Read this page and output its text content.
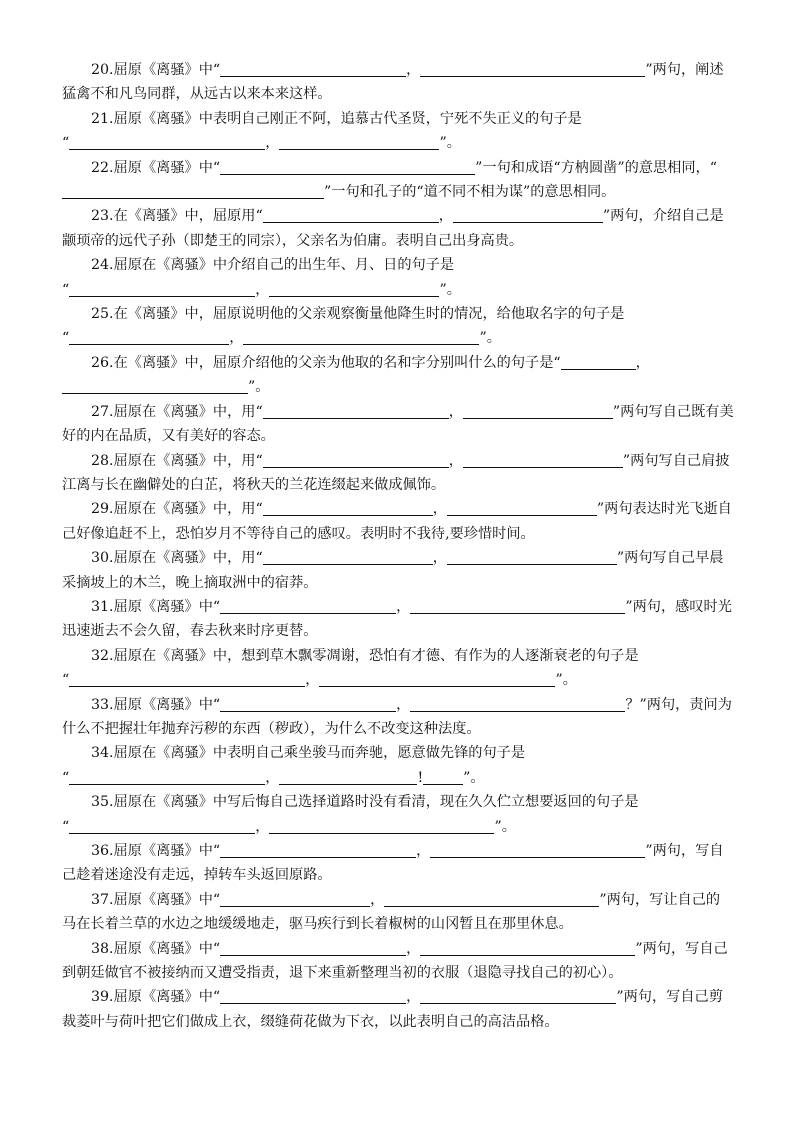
20.屈原《离骚》中“	，	”两句，阐述猛禽不和凡鸟同群，从远古以来本来这样。

21.屈原《离骚》中表明自己刚正不阿，追慕古代圣贤，宁死不失正义的句子是
“	，	”。

22.屈原《离骚》中“	”一句和成语“方枘圆凿”的意思相同，“”一句和孔子的“道不同不相为谋”的意思相同。

23.在《离骚》中，屈原用“	，	”两句，介绍自己是　颛顼帝的远代子孙（即楚王的同宗），父亲名为伯庸。表明自己出身高贵。

24.屈原在《离骚》中介绍自己的出生年、月、日的句子是
“	，	”。

25.在《离骚》中，屈原说明他的父亲观察衡量他降生时的情况，给他取名字的句子是
“	，	”。

26.在《离骚》中，屈原介绍他的父亲为他取的名和字分别叫什么的句子是“	，
”。

27.屈原在《离骚》中，用“	，	”两句写自己既有美好的内在品质，又有美好的容态。

28.屈原在《离骚》中，用“	，	”两句写自己肩披江离与长在幽僻处的白芷，将秋天的兰花连缀起来做成佩饰。

29.屈原在《离骚》中，用“	，	”两句表达时光飞逝自己好像追赶不上，恐怕岁月不等待自己的感叹。表明时不我待,要珍惜时间。

30.屈原在《离骚》中，用“	，	”两句写自己早晨采摘坡上的木兰，晚上摘取洲中的宿莽。

31.屈原《离骚》中“	，	”两句，感叹时光迅速逝去不会久留，春去秋来时序更替。

32.屈原在《离骚》中，想到草木飘零凋谢，恐怕有才德、有作为的人逐渐衰老的句子是
“	，	”。

33.屈原《离骚》中“	，	？”两句，责问为什么不把握壮年抛弃污秽的东西（秽政），为什么不改变这种法度。

34.屈原在《离骚》中表明自己乘坐骏马而奔驰，愿意做先锋的句子是
“	，	!	”。

35.屈原在《离骚》中写后悔自己选择道路时没有看清，现在久久伫立想要返回的句子是
“	，	”。

36.屈原《离骚》中“	，	”两句，写自己趁着迷途没有走远，掉转车头返回原路。

37.屈原《离骚》中“	，	”两句，写让自己的马在长着兰草的水边之地缓缓地走，驱马疾行到长着椒树的山冈暂且在那里休息。

38.屈原《离骚》中“	，	”两句，写自己到朝廷做官不被接纳而又遭受指责，退下来重新整理当初的衣服（退隐寻找自己的初心）。

39.屈原《离骚》中“	，	”两句，写自己剪裁菱叶与荷叶把它们做成上衣，缀缝荷花做为下衣，以此表明自己的高洁品格。
